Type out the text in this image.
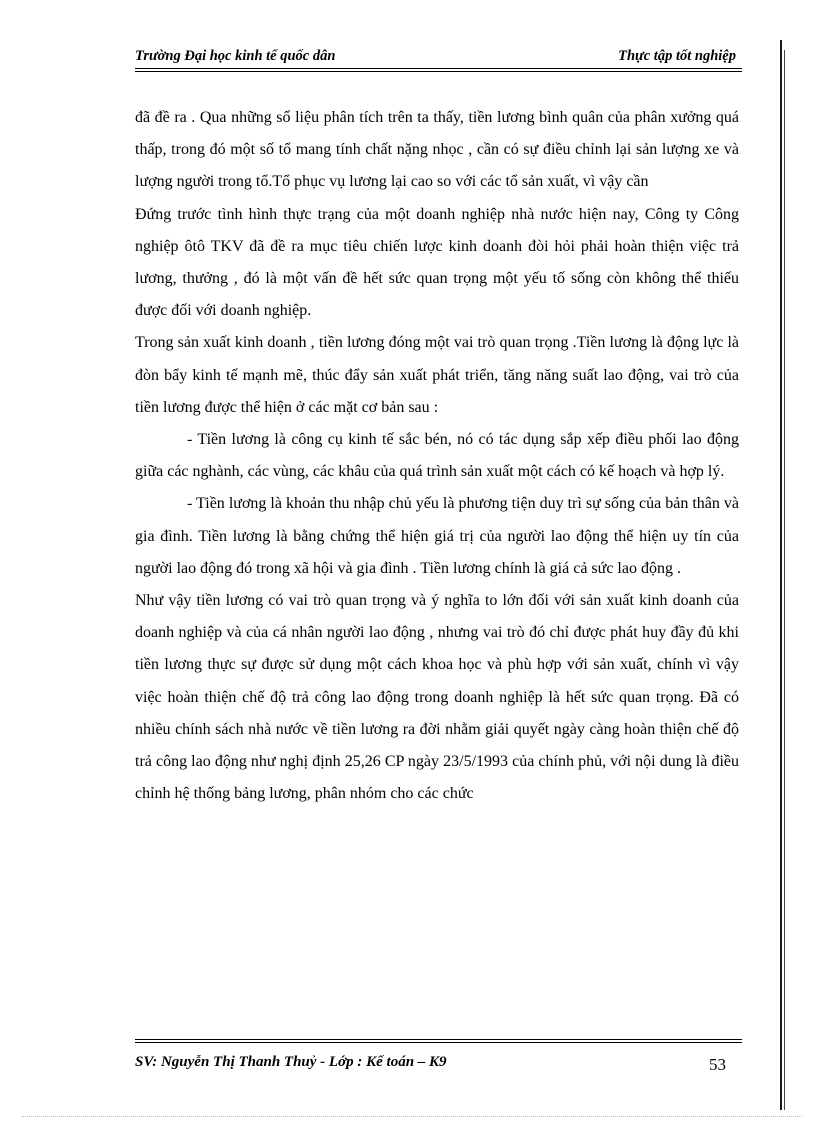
Trường Đại học kinh tế quốc dân	Thực tập tốt nghiệp

đã đề ra . Qua những số liệu phân tích trên ta thấy, tiền lương bình quân của phân xưởng quá thấp, trong đó một số tổ mang tính chất nặng nhọc , cần có sự điều chỉnh lại sản lượng xe và lượng người trong tổ.Tổ phục vụ lương lại cao so với các tổ sản xuất, vì vậy cần

Đứng trước tình hình thực trạng của một doanh nghiệp nhà nước hiện nay, Công ty Công nghiệp ôtô TKV đã đề ra mục tiêu chiến lược kinh doanh đòi hỏi phải hoàn thiện việc trả lương, thưởng , đó là một vấn đề hết sức quan trọng một yếu tố sống còn không thể thiếu được đối với doanh nghiệp.

Trong sản xuất kinh doanh , tiền lương đóng một vai trò quan trọng .Tiền lương là động lực là đòn bẩy kinh tế mạnh mẽ, thúc đẩy sản xuất phát triển, tăng năng suất lao động, vai trò của tiền lương được thể hiện ở các mặt cơ bản sau :

- Tiền lương là công cụ kinh tế sắc bén, nó có tác dụng sắp xếp điều phối lao động giữa các nghành, các vùng, các khâu của quá trình sản xuất một cách có kế hoạch và hợp lý.

- Tiền lương là khoản thu nhập chủ yếu là phương tiện duy trì sự sống của bản thân và gia đình. Tiền lương là bằng chứng thể hiện giá trị của người lao động thể hiện uy tín của người lao động đó trong xã hội và gia đình . Tiền lương chính là giá cả sức lao động .

Như vậy tiền lương có vai trò quan trọng và ý nghĩa to lớn đối với sản xuất kinh doanh của doanh nghiệp và của cá nhân người lao động , nhưng vai trò đó chỉ được phát huy đầy đủ khi tiền lương thực sự được sử dụng một cách khoa học và phù hợp với sản xuất, chính vì vậy việc hoàn thiện chế độ trả công lao động trong doanh nghiệp là hết sức quan trọng. Đã có nhiều chính sách nhà nước về tiền lương ra đời nhằm giải quyết ngày càng hoàn thiện chế độ trả công lao động như nghị định 25,26 CP ngày 23/5/1993 của chính phủ, với nội dung là điều chỉnh hệ thống bảng lương, phân nhóm cho các chức

SV: Nguyễn Thị Thanh Thuỷ - Lớp : Kế toán – K9	53
